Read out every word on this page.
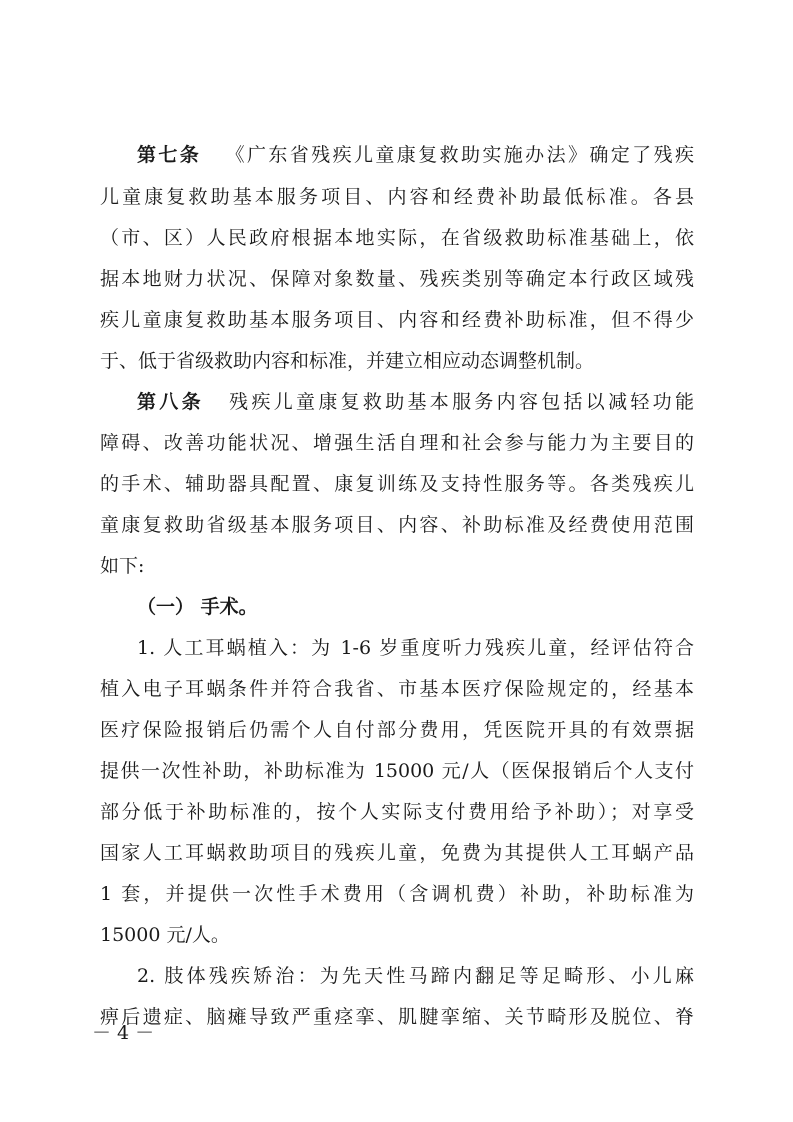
第七条 《广东省残疾儿童康复救助实施办法》确定了残疾
儿童康复救助基本服务项目、内容和经费补助最低标准。各县
（市、区）人民政府根据本地实际，在省级救助标准基础上，依
据本地财力状况、保障对象数量、残疾类别等确定本行政区域残
疾儿童康复救助基本服务项目、内容和经费补助标准，但不得少
于、低于省级救助内容和标准，并建立相应动态调整机制。
第八条 残疾儿童康复救助基本服务内容包括以减轻功能
障碍、改善功能状况、增强生活自理和社会参与能力为主要目的
的手术、辅助器具配置、康复训练及支持性服务等。各类残疾儿
童康复救助省级基本服务项目、内容、补助标准及经费使用范围
如下:
（一） 手术。
1. 人工耳蜗植入：为 1-6 岁重度听力残疾儿童，经评估符合
植入电子耳蜗条件并符合我省、市基本医疗保险规定的，经基本
医疗保险报销后仍需个人自付部分费用，凭医院开具的有效票据
提供一次性补助，补助标准为 15000 元/人（医保报销后个人支付
部分低于补助标准的，按个人实际支付费用给予补助）；对享受
国家人工耳蜗救助项目的残疾儿童，免费为其提供人工耳蜗产品
1 套，并提供一次性手术费用（含调机费）补助，补助标准为
15000 元/人。
2. 肢体残疾矫治：为先天性马蹄内翻足等足畸形、小儿麻
痹后遗症、脑瘫导致严重痉挛、肌腱挛缩、关节畸形及脱位、脊
－ 4 －
